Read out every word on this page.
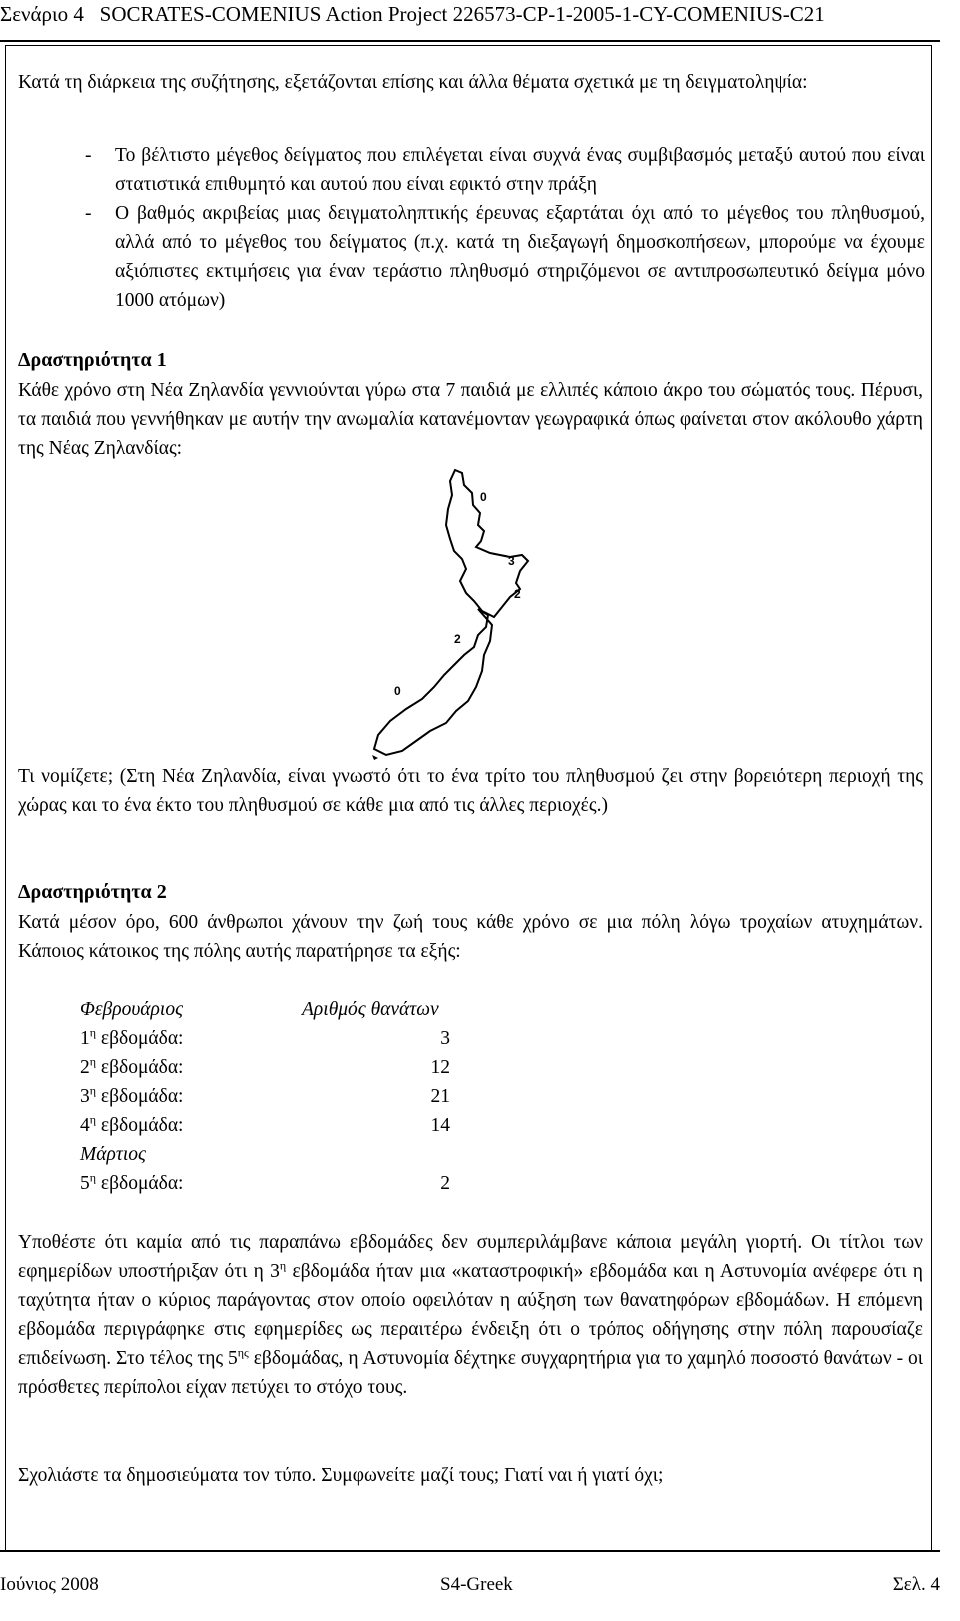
Σενάριο 4   SOCRATES-COMENIUS Action Project 226573-CP-1-2005-1-CY-COMENIUS-C21
Κατά τη διάρκεια της συζήτησης, εξετάζονται επίσης και άλλα θέματα σχετικά με τη δειγματοληψία:
- Το βέλτιστο μέγεθος δείγματος που επιλέγεται είναι συχνά ένας συμβιβασμός μεταξύ αυτού που είναι στατιστικά επιθυμητό και αυτού που είναι εφικτό στην πράξη
- Ο βαθμός ακριβείας μιας δειγματοληπτικής έρευνας εξαρτάται όχι από το μέγεθος του πληθυσμού, αλλά από το μέγεθος του δείγματος (π.χ. κατά τη διεξαγωγή δημοσκοπήσεων, μπορούμε να έχουμε αξιόπιστες εκτιμήσεις για έναν τεράστιο πληθυσμό στηριζόμενοι σε αντιπροσωπευτικό δείγμα μόνο 1000 ατόμων)
Δραστηριότητα 1
Κάθε χρόνο στη Νέα Ζηλανδία γεννιούνται γύρω στα 7 παιδιά με ελλιπές κάποιο άκρο του σώματός τους. Πέρυσι, τα παιδιά που γεννήθηκαν με αυτήν την ανωμαλία κατανέμονταν γεωγραφικά όπως φαίνεται στον ακόλουθο χάρτη της Νέας Ζηλανδίας:
0
3
2
2
0
Τι νομίζετε; (Στη Νέα Ζηλανδία, είναι γνωστό ότι το ένα τρίτο του πληθυσμού ζει στην βορειότερη περιοχή της χώρας και το ένα έκτο του πληθυσμού σε κάθε μια από τις άλλες περιοχές.)
Δραστηριότητα 2
Κατά μέσον όρο, 600 άνθρωποι χάνουν την ζωή τους κάθε χρόνο σε μια πόλη λόγω τροχαίων ατυχημάτων. Κάποιος κάτοικος της πόλης αυτής παρατήρησε τα εξής:
Φεβρουάριος	Αριθμός θανάτων
$1^\eta$ εβδομάδα:	3
$2^\eta$ εβδομάδα:	12
$3^\eta$ εβδομάδα:	21
$4^\eta$ εβδομάδα:	14
Μάρτιος
$5^\eta$ εβδομάδα:	2
Υποθέστε ότι καμία από τις παραπάνω εβδομάδες δεν συμπεριλάμβανε κάποια μεγάλη γιορτή. Οι τίτλοι των εφημερίδων υποστήριξαν ότι η $3^\eta$ εβδομάδα ήταν μια «καταστροφική» εβδομάδα και η Αστυνομία ανέφερε ότι η ταχύτητα ήταν ο κύριος παράγοντας στον οποίο οφειλόταν η αύξηση των θανατηφόρων εβδομάδων. Η επόμενη εβδομάδα περιγράφηκε στις εφημερίδες ως περαιτέρω ένδειξη ότι ο τρόπος οδήγησης στην πόλη παρουσίαζε επιδείνωση. Στο τέλος της $5^{\eta\varsigma}$ εβδομάδας, η Αστυνομία δέχτηκε συγχαρητήρια για το χαμηλό ποσοστό θανάτων - οι πρόσθετες περίπολοι είχαν πετύχει το στόχο τους.
Σχολιάστε τα δημοσιεύματα τον τύπο. Συμφωνείτε μαζί τους; Γιατί ναι ή γιατί όχι;
Ιούνιος 2008	S4-Greek	Σελ. 4
